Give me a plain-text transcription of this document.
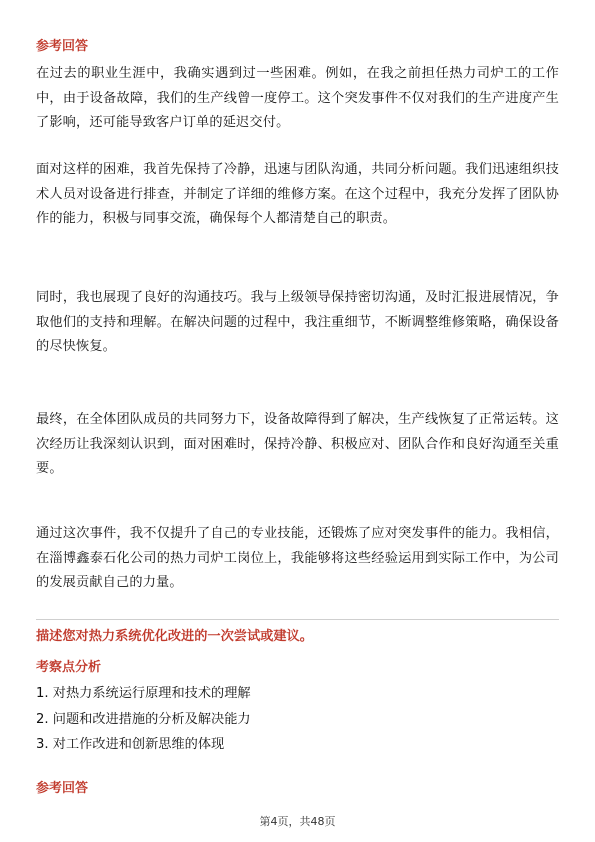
参考回答

在过去的职业生涯中，我确实遇到过一些困难。例如，在我之前担任热力司炉工的工作中，由于设备故障，我们的生产线曾一度停工。这个突发事件不仅对我们的生产进度产生了影响，还可能导致客户订单的延迟交付。

面对这样的困难，我首先保持了冷静，迅速与团队沟通，共同分析问题。我们迅速组织技术人员对设备进行排查，并制定了详细的维修方案。在这个过程中，我充分发挥了团队协作的能力，积极与同事交流，确保每个人都清楚自己的职责。

同时，我也展现了良好的沟通技巧。我与上级领导保持密切沟通，及时汇报进展情况，争取他们的支持和理解。在解决问题的过程中，我注重细节，不断调整维修策略，确保设备的尽快恢复。

最终，在全体团队成员的共同努力下，设备故障得到了解决，生产线恢复了正常运转。这次经历让我深刻认识到，面对困难时，保持冷静、积极应对、团队合作和良好沟通至关重要。

通过这次事件，我不仅提升了自己的专业技能，还锻炼了应对突发事件的能力。我相信，在淄博鑫泰石化公司的热力司炉工岗位上，我能够将这些经验运用到实际工作中，为公司的发展贡献自己的力量。

描述您对热力系统优化改进的一次尝试或建议。

考察点分析

1. 对热力系统运行原理和技术的理解
2. 问题和改进措施的分析及解决能力
3. 对工作改进和创新思维的体现

参考回答

第4页，共48页
